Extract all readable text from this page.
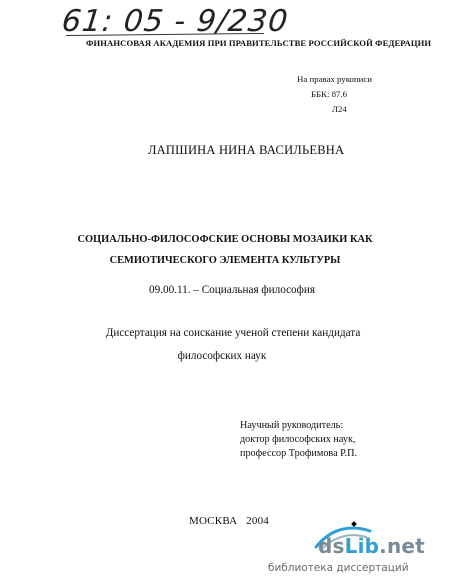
61: 05 - 9/230
ФИНАНСОВАЯ АКАДЕМИЯ ПРИ ПРАВИТЕЛЬСТВЕ РОССИЙСКОЙ ФЕДЕРАЦИИ
На правах рукописи
ББК: 87.6
Л24
ЛАПШИНА НИНА ВАСИЛЬЕВНА
СОЦИАЛЬНО-ФИЛОСОФСКИЕ ОСНОВЫ МОЗАИКИ КАК
СЕМИОТИЧЕСКОГО ЭЛЕМЕНТА КУЛЬТУРЫ
09.00.11. – Социальная философия
Диссертация на соискание ученой степени кандидата
философских наук
Научный руководитель:
доктор философских наук,
профессор Трофимова Р.П.
МОСКВА   2004
dsLib.net
библиотека диссертаций
